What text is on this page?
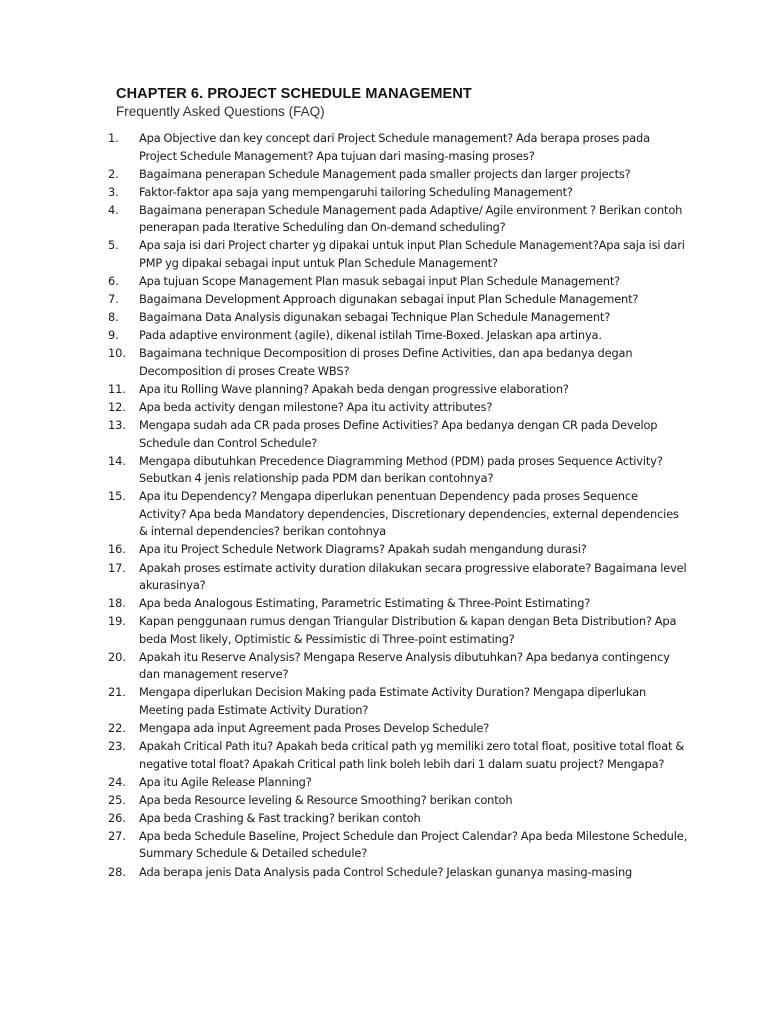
CHAPTER 6. PROJECT SCHEDULE MANAGEMENT
Frequently Asked Questions (FAQ)
1.	Apa Objective dan key concept dari Project Schedule management? Ada berapa proses pada Project Schedule Management? Apa tujuan dari masing-masing proses?
2.	Bagaimana penerapan Schedule Management pada smaller projects dan larger projects?
3.	Faktor-faktor apa saja yang mempengaruhi tailoring Scheduling Management?
4.	Bagaimana penerapan Schedule Management pada Adaptive/ Agile environment ? Berikan contoh penerapan pada Iterative Scheduling dan On-demand scheduling?
5.	Apa saja isi dari Project charter yg dipakai untuk input Plan Schedule Management?Apa saja isi dari PMP yg dipakai sebagai input untuk Plan Schedule Management?
6.	Apa tujuan Scope Management Plan masuk sebagai input Plan Schedule Management?
7.	Bagaimana Development Approach digunakan sebagai input Plan Schedule Management?
8.	Bagaimana Data Analysis digunakan sebagai Technique Plan Schedule Management?
9.	Pada adaptive environment (agile), dikenal istilah Time-Boxed. Jelaskan apa artinya.
10.	Bagaimana technique Decomposition di proses Define Activities, dan apa bedanya degan Decomposition di proses Create WBS?
11.	Apa itu Rolling Wave planning? Apakah beda dengan progressive elaboration?
12.	Apa beda activity dengan milestone? Apa itu activity attributes?
13.	Mengapa sudah ada CR pada proses Define Activities? Apa bedanya dengan CR pada Develop Schedule dan Control Schedule?
14.	Mengapa dibutuhkan Precedence Diagramming Method (PDM) pada proses Sequence Activity? Sebutkan 4 jenis relationship pada PDM dan berikan contohnya?
15.	Apa itu Dependency? Mengapa diperlukan penentuan Dependency pada proses Sequence Activity? Apa beda Mandatory dependencies, Discretionary dependencies, external dependencies & internal dependencies? berikan contohnya
16.	Apa itu Project Schedule Network Diagrams? Apakah sudah mengandung durasi?
17.	Apakah proses estimate activity duration dilakukan secara progressive elaborate? Bagaimana level akurasinya?
18.	Apa beda Analogous Estimating, Parametric Estimating & Three-Point Estimating?
19.	Kapan penggunaan rumus dengan Triangular Distribution & kapan dengan Beta Distribution? Apa beda Most likely, Optimistic & Pessimistic di Three-point estimating?
20.	Apakah itu Reserve Analysis? Mengapa Reserve Analysis dibutuhkan? Apa bedanya contingency dan management reserve?
21.	Mengapa diperlukan Decision Making pada Estimate Activity Duration? Mengapa diperlukan Meeting pada Estimate Activity Duration?
22.	Mengapa ada input Agreement pada Proses Develop Schedule?
23.	Apakah Critical Path itu? Apakah beda critical path yg memiliki zero total float, positive total float & negative total float? Apakah Critical path link boleh lebih dari 1 dalam suatu project? Mengapa?
24.	Apa itu Agile Release Planning?
25.	Apa beda Resource leveling & Resource Smoothing? berikan contoh
26.	Apa beda Crashing & Fast tracking? berikan contoh
27.	Apa beda Schedule Baseline, Project Schedule dan Project Calendar? Apa beda Milestone Schedule, Summary Schedule & Detailed schedule?
28.	Ada berapa jenis Data Analysis pada Control Schedule? Jelaskan gunanya masing-masing
